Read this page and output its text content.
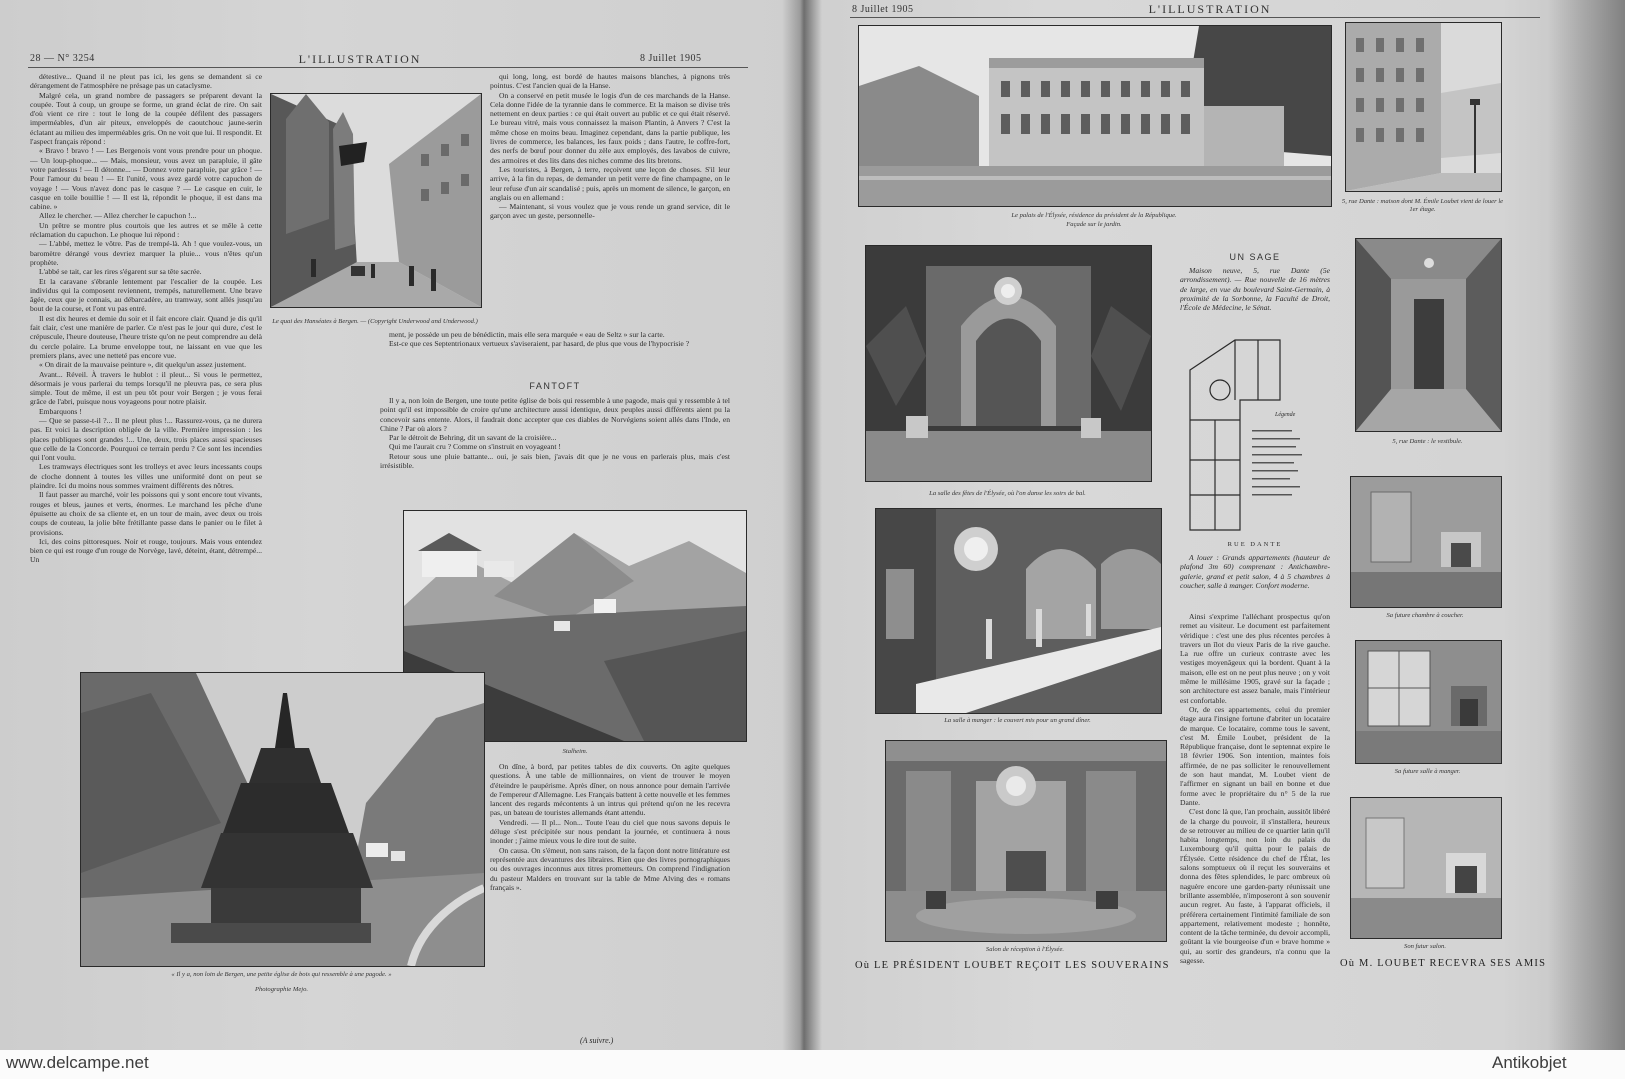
28 — N° 3254	L'ILLUSTRATION	8 Juillet 1905

détestive... Quand il ne pleut pas ici, les gens se demandent si ce dérangement de l'atmosphère ne présage pas un cataclysme.

Malgré cela, un grand nombre de passagers se préparent devant la coupée. Tout à coup, un groupe se forme, un grand éclat de rire. On sait d'où vient ce rire : tout le long de la coupée défilent des passagers imperméables, d'un air piteux, enveloppés de caoutchouc jaune-serin éclatant au milieu des imperméables gris. On ne voit que lui. Il respondit. Et l'aspect français répond :

« Bravo ! bravo ! — Les Bergenois vont vous prendre pour un phoque. — Un loup-phoque... — Mais, monsieur, vous avez un parapluie, il gâte votre pardessus ! — Il détonne... — Donnez votre parapluie, par grâce ! — Pour l'amour du beau ! — Et l'unité, vous avez gardé votre capuchon de voyage ! — Vous n'avez donc pas le casque ? — Le casque en cuir, le casque en toile bouillie ! — Il est là, répondit le phoque, il est dans ma cabine. »

Allez le chercher. — Allez chercher le capuchon !...

Un prêtre se montre plus courtois que les autres et se mêle à cette réclamation du capuchon. Le phoque lui répond :

— L'abbé, mettez le vôtre. Pas de trempé-là. Ah ! que voulez-vous, un baromètre dérangé vous devriez marquer la pluie... vous n'êtes qu'un prophète.

L'abbé se tait, car les rires s'égarent sur sa tête sacrée.

Et la caravane s'ébranle lentement par l'escalier de la coupée. Les individus qui la composent reviennent, trempés, naturellement. Une brave âgée, ceux que je connais, au débarcadère, au tramway, sont allés jusqu'au bout de la course, et l'ont vu pas entré.

Il est dix heures et demie du soir et il fait encore clair. Quand je dis qu'il fait clair, c'est une manière de parler. Ce n'est pas le jour qui dure, c'est le crépuscule, l'heure douteuse, l'heure triste qu'on ne peut comprendre au delà du cercle polaire. La brume enveloppe tout, ne laissant en vue que les premiers plans, avec une netteté pas encore vue.

« On dirait de la mauvaise peinture », dit quelqu'un assez justement.

Avant... Réveil. À travers le hublot : il pleut... Si vous le permettez, désormais je vous parlerai du temps lorsqu'il ne pleuvra pas, ce sera plus simple. Tout de même, il est un peu tôt pour voir Bergen ; je vous ferai grâce de l'abri, puisque nous voyageons pour notre plaisir.

Embarquons !

— Que se passe-t-il ?... Il ne pleut plus !... Rassurez-vous, ça ne durera pas. Et voici la description obligée de la ville. Première impression : les places publiques sont grandes !... Une, deux, trois places aussi spacieuses que celle de la Concorde. Pourquoi ce terrain perdu ? Ce sont les incendies qui l'ont voulu.

Les tramways électriques sont les trolleys et avec leurs incessants coups de cloche donnent à toutes les villes une uniformité dont on peut se plaindre. Ici du moins nous sommes vraiment différents des nôtres.

Il faut passer au marché, voir les poissons qui y sont encore tout vivants, rouges et bleus, jaunes et verts, énormes. Le marchand les pêche d'une épuisette au choix de sa cliente et, en un tour de main, avec deux ou trois coups de couteau, la jolie bête frétillante passe dans le panier ou le filet à provisions.

Ici, des coins pittoresques. Noir et rouge, toujours. Mais vous entendez bien ce qui est rouge d'un rouge de Norvège, lavé, déteint, étant, détrempé... Un

Le quai des Hanséates à Bergen. — (Copyright Underwood and Underwood.)

qui long, long, est bordé de hautes maisons blanches, à pignons très pointus. C'est l'ancien quai de la Hanse.

On a conservé en petit musée le logis d'un de ces marchands de la Hanse. Cela donne l'idée de la tyrannie dans le commerce. Et la maison se divise très nettement en deux parties : ce qui était ouvert au public et ce qui était réservé. Le bureau vitré, mais vous connaissez la maison Plantin, à Anvers ? C'est la même chose en moins beau. Imaginez cependant, dans la partie publique, les livres de commerce, les balances, les faux poids ; dans l'autre, le coffre-fort, des nerfs de bœuf pour donner du zèle aux employés, des lavabos de cuivre, des armoires et des lits dans des niches comme des lits bretons.

Les touristes, à Bergen, à terre, reçoivent une leçon de choses. S'il leur arrive, à la fin du repas, de demander un petit verre de fine champagne, on le leur refuse d'un air scandalisé ; puis, après un moment de silence, le garçon, en anglais ou en allemand :

— Maintenant, si vous voulez que je vous rende un grand service, dit le garçon avec un geste, personnelle-

ment, je possède un peu de bénédictin, mais elle sera marquée « eau de Seltz » sur la carte.

Est-ce que ces Septentrionaux vertueux s'aviseraient, par hasard, de plus que vous de l'hypocrisie ?

FANTOFT

Il y a, non loin de Bergen, une toute petite église de bois qui ressemble à une pagode, mais qui y ressemble à tel point qu'il est impossible de croire qu'une architecture aussi identique, deux peuples aussi différents aient pu la concevoir sans entente. Alors, il faudrait donc accepter que ces diables de Norvégiens soient allés dans l'Inde, en Chine ? Par où alors ?

Par le détroit de Behring, dit un savant de la croisière...

Qui me l'aurait cru ? Comme on s'instruit en voyageant !

Retour sous une pluie battante... oui, je sais bien, j'avais dit que je ne vous en parlerais plus, mais c'est irrésistible.

Stalheim.
« Il y a, non loin de Bergen, une petite église de bois qui ressemble à une pagode. »
Photographie Mejo.

On dîne, à bord, par petites tables de dix couverts. On agite quelques questions. À une table de millionnaires, on vient de trouver le moyen d'éteindre le paupérisme. Après dîner, on nous annonce pour demain l'arrivée de l'empereur d'Allemagne. Les Français battent à cette nouvelle et les femmes lancent des regards mécontents à un intrus qui prétend qu'on ne les recevra pas, un bateau de touristes allemands étant attendu.

Vendredi. — Il pl... Non... Toute l'eau du ciel que nous savons depuis le déluge s'est précipitée sur nous pendant la journée, et continuera à nous inonder ; j'aime mieux vous le dire tout de suite.

On causa. On s'émeut, non sans raison, de la façon dont notre littérature est représentée aux devantures des libraires. Rien que des livres pornographiques ou des ouvrages inconnus aux titres prometteurs. On comprend l'indignation du pasteur Malders en trouvant sur la table de Mme Alving des « romans français ».

(A suivre.)
8 Juillet 1905	L'ILLUSTRATION
Le palais de l'Élysée, résidence du président de la République.
Façade sur le jardin.
5, rue Dante : maison dont M. Émile Loubet vient de louer le 1er étage.
La salle des fêtes de l'Élysée, où l'on danse les soirs de bal.
UN SAGE

Maison neuve, 5, rue Dante (5e arrondissement). — Rue nouvelle de 16 mètres de large, en vue du boulevard Saint-Germain, à proximité de la Sorbonne, la Faculté de Droit, l'École de Médecine, le Sénat.

Légende
RUE DANTE

A louer : Grands appartements (hauteur de plafond 3m 60) comprenant : Antichambre-galerie, grand et petit salon, 4 à 5 chambres à coucher, salle à manger. Confort moderne.

Ainsi s'exprime l'alléchant prospectus qu'on remet au visiteur. Le document est parfaitement véridique : c'est une des plus récentes percées à travers un îlot du vieux Paris de la rive gauche. La rue offre un curieux contraste avec les vestiges moyenâgeux qui la bordent. Quant à la maison, elle est on ne peut plus neuve ; on y voit même le millésime 1905, gravé sur la façade ; son architecture est assez banale, mais l'intérieur est confortable.

Or, de ces appartements, celui du premier étage aura l'insigne fortune d'abriter un locataire de marque. Ce locataire, comme tous le savent, c'est M. Émile Loubet, président de la République française, dont le septennat expire le 18 février 1906. Son intention, maintes fois affirmée, de ne pas solliciter le renouvellement de son haut mandat, M. Loubet vient de l'affirmer en signant un bail en bonne et due forme avec le propriétaire du n° 5 de la rue Dante.

C'est donc là que, l'an prochain, aussitôt libéré de la charge du pouvoir, il s'installera, heureux de se retrouver au milieu de ce quartier latin qu'il habita longtemps, non loin du palais du Luxembourg qu'il quitta pour le palais de l'Élysée. Cette résidence du chef de l'État, les salons somptueux où il reçut les souverains et donna des fêtes splendides, le parc ombreux où naguère encore une garden-party réunissait une brillante assemblée, n'imposeront à son souvenir aucun regret. Au faste, à l'apparat officiels, il préférera certainement l'intimité familiale de son appartement, relativement modeste ; honnête, content de la tâche terminée, du devoir accompli, goûtant la vie bourgeoise d'un « brave homme » qui, au sortir des grandeurs, n'a connu que la sagesse.

5, rue Dante : le vestibule.
La salle à manger : le couvert mis pour un grand dîner.
Sa future chambre à coucher.
Sa future salle à manger.
Salon de réception à l'Élysée.	Son futur salon.
Où LE PRÉSIDENT LOUBET REÇOIT LES SOUVERAINS	Où M. LOUBET RECEVRA SES AMIS
www.delcampe.net	Antikobjet
